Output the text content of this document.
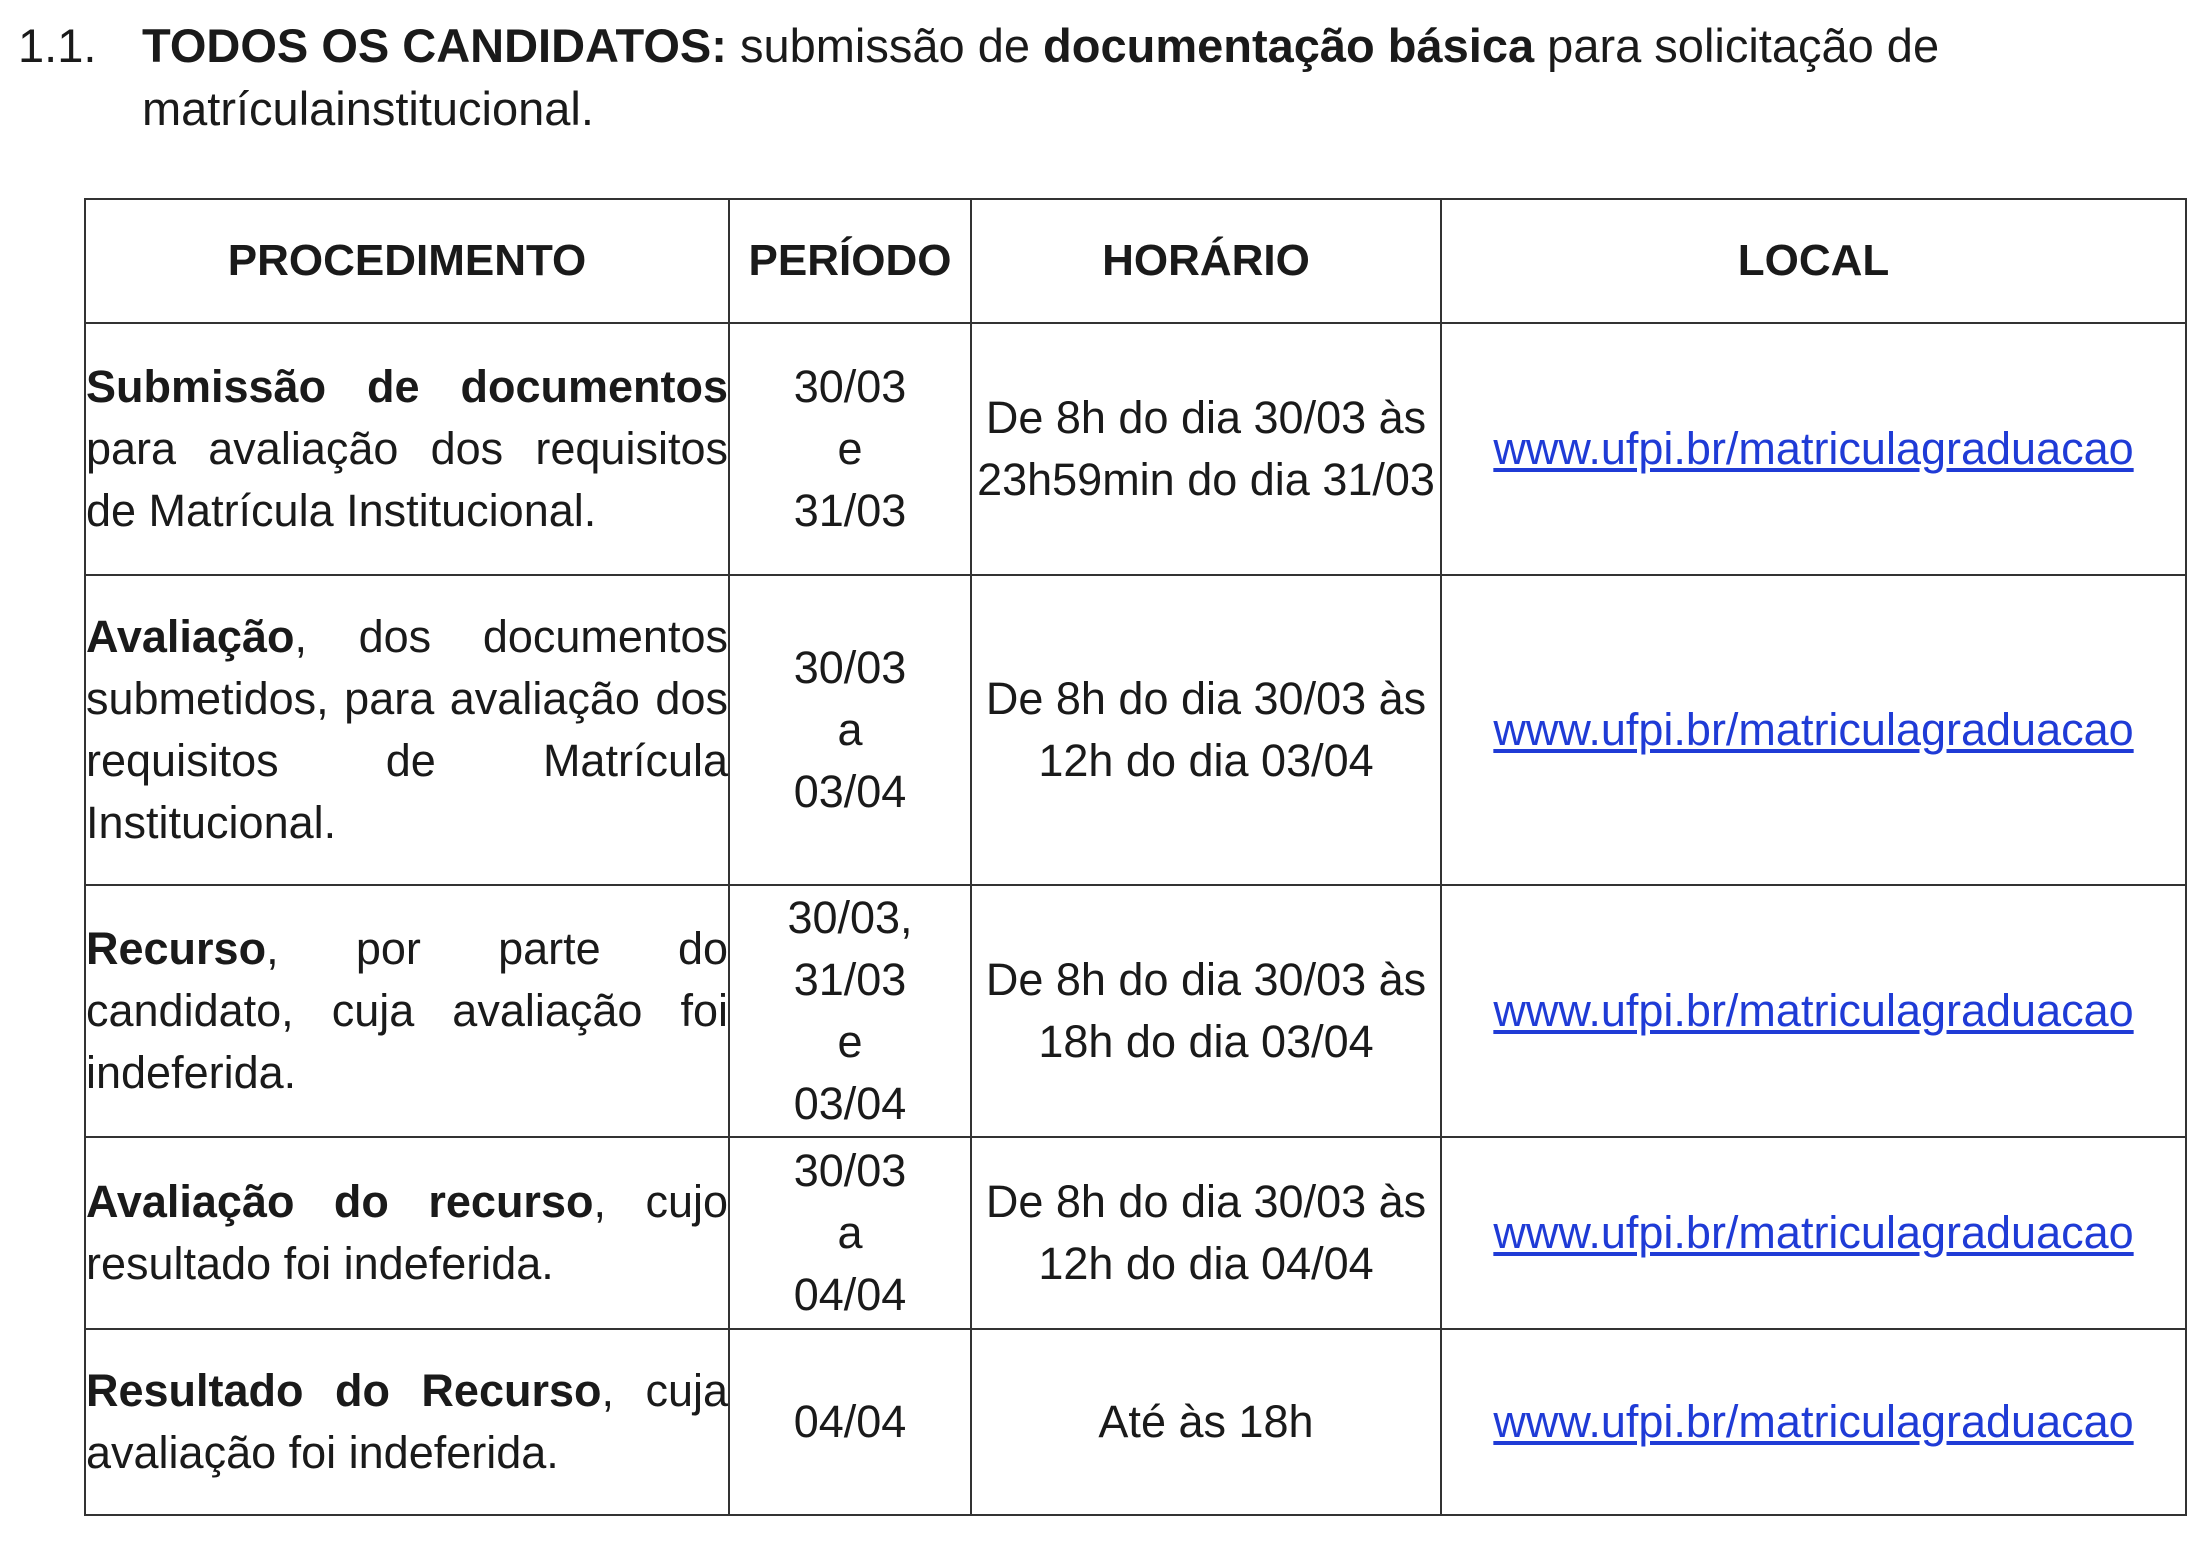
1.1. TODOS OS CANDIDATOS: submissão de documentação básica para solicitação de matrículainstitucional.
PROCEDIMENTO	PERÍODO	HORÁRIO	LOCAL
Submissão de documentos para avaliação dos requisitos de Matrícula Institucional.	30/03
e
31/03	De 8h do dia 30/03 às 23h59min do dia 31/03	www.ufpi.br/matriculagraduacao
Avaliação, dos documentos submetidos, para avaliação dos requisitos de Matrícula Institucional.	30/03
a
03/04	De 8h do dia 30/03 às 12h do dia 03/04	www.ufpi.br/matriculagraduacao
Recurso, por parte do candidato, cuja avaliação foi indeferida.	30/03,
31/03
e
03/04	De 8h do dia 30/03 às 18h do dia 03/04	www.ufpi.br/matriculagraduacao
Avaliação do recurso, cujo resultado foi indeferida.	30/03
a
04/04	De 8h do dia 30/03 às 12h do dia 04/04	www.ufpi.br/matriculagraduacao
Resultado do Recurso, cuja avaliação foi indeferida.	04/04	Até às 18h	www.ufpi.br/matriculagraduacao
